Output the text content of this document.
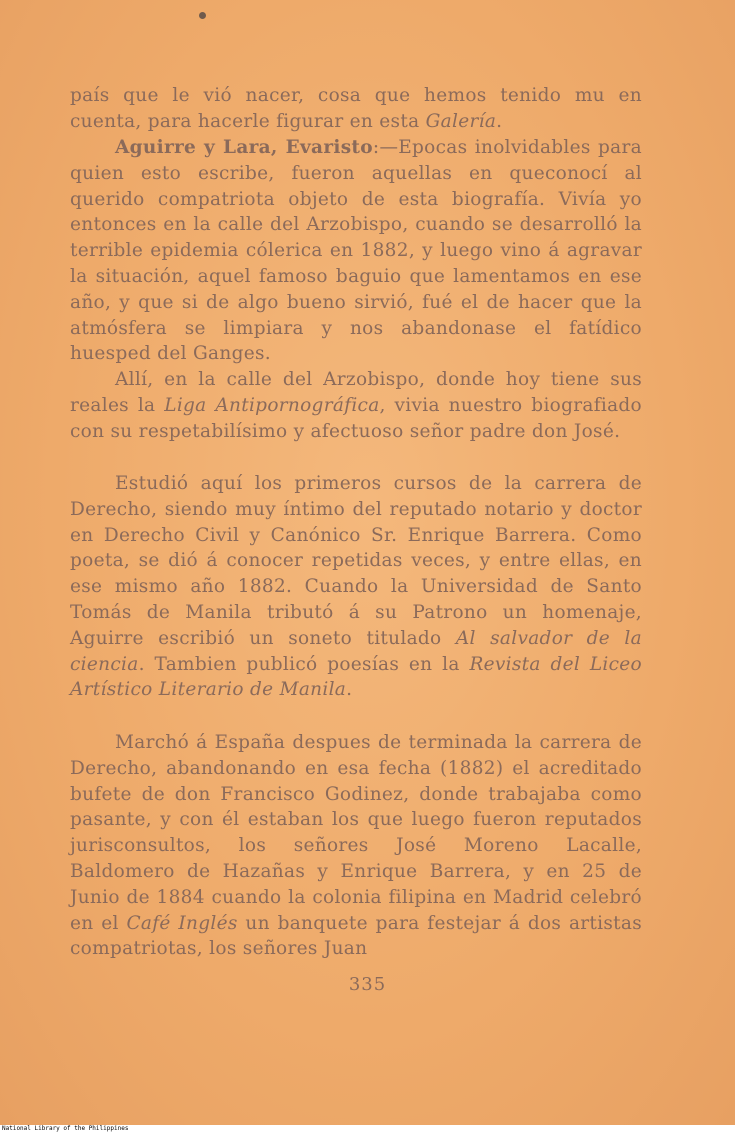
país que le vió nacer, cosa que hemos tenido mu en cuenta, para hacerle figurar en esta Galería.

Aguirre y Lara, Evaristo:—Epocas inolvidables para quien esto escribe, fueron aquellas en queconocí al querido compatriota objeto de esta biografía. Vivía yo entonces en la calle del Arzobispo, cuando se desarrolló la terrible epidemia cólerica en 1882, y luego vino á agravar la situación, aquel famoso baguio que lamentamos en ese año, y que si de algo bueno sirvió, fué el de hacer que la atmósfera se limpiara y nos abandonase el fatídico huesped del Ganges.

Allí, en la calle del Arzobispo, donde hoy tiene sus reales la Liga Antipornográfica, vivia nuestro biografiado con su respetabilísimo y afectuoso señor padre don José.

Estudió aquí los primeros cursos de la carrera de Derecho, siendo muy íntimo del reputado notario y doctor en Derecho Civil y Canónico Sr. Enrique Barrera. Como poeta, se dió á conocer repetidas veces, y entre ellas, en ese mismo año 1882. Cuando la Universidad de Santo Tomás de Manila tributó á su Patrono un homenaje, Aguirre escribió un soneto titulado Al salvador de la ciencia. Tambien publicó poesías en la Revista del Liceo Artístico Literario de Manila.

Marchó á España despues de terminada la carrera de Derecho, abandonando en esa fecha (1882) el acreditado bufete de don Francisco Godinez, donde trabajaba como pasante, y con él estaban los que luego fueron reputados jurisconsultos, los señores José Moreno Lacalle, Baldomero de Hazañas y Enrique Barrera, y en 25 de Junio de 1884 cuando la colonia filipina en Madrid celebró en el Café Inglés un banquete para festejar á dos artistas compatriotas, los señores Juan

335

National Library of the Philippines
